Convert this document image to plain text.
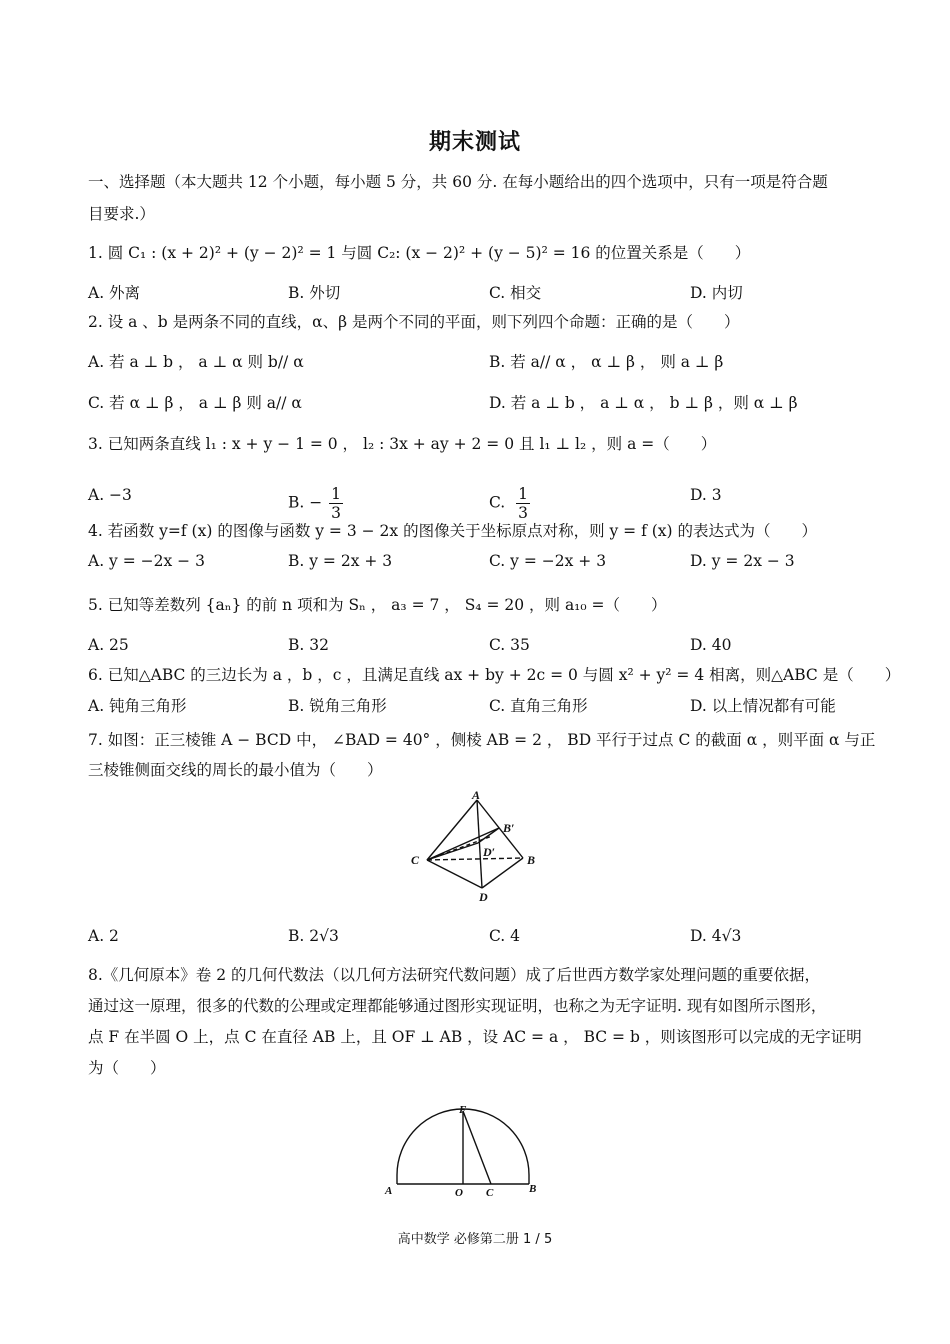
期末测试
一、选择题（本大题共 12 个小题，每小题 5 分，共 60 分. 在每小题给出的四个选项中，只有一项是符合题
目要求.）
1. 圆 C₁ : (x + 2)² + (y − 2)² = 1 与圆 C₂: (x − 2)² + (y − 5)² = 16 的位置关系是（　　）
A. 外离	B. 外切	C. 相交	D. 内切
2. 设 a 、b 是两条不同的直线，α、β 是两个不同的平面，则下列四个命题：正确的是（　　）
A. 若 a ⊥ b ， a ⊥ α 则 b// α	B. 若 a// α ， α ⊥ β ， 则 a ⊥ β
C. 若 α ⊥ β ， a ⊥ β 则 a// α	D. 若 a ⊥ b ， a ⊥ α ， b ⊥ β ，则 α ⊥ β
3. 已知两条直线 l₁ : x + y − 1 = 0 ， l₂ : 3x + ay + 2 = 0 且 l₁ ⊥ l₂ ，则 a =（　　）
A. −3	B. − $\frac{1}{3}$	C. $\frac{1}{3}$	D. 3
4. 若函数 y=f (x) 的图像与函数 y = 3 − 2x 的图像关于坐标原点对称，则 y = f (x) 的表达式为（　　）
A. y = −2x − 3	B. y = 2x + 3	C. y = −2x + 3	D. y = 2x − 3
5. 已知等差数列 {aₙ} 的前 n 项和为 Sₙ ， a₃ = 7 ， S₄ = 20 ，则 a₁₀ =（　　）
A. 25	B. 32	C. 35	D. 40
6. 已知△ABC 的三边长为 a ，b ，c ，且满足直线 ax + by + 2c = 0 与圆 x² + y² = 4 相离，则△ABC 是（　　）
A. 钝角三角形	B. 锐角三角形	C. 直角三角形	D. 以上情况都有可能
7. 如图：正三棱锥 A − BCD 中， ∠BAD = 40° ，侧棱 AB = 2 ， BD 平行于过点 C 的截面 α ，则平面 α 与正
三棱锥侧面交线的周长的最小值为（　　）
A
B′
D′
C	B
D
A. 2	B. 2√3	C. 4	D. 4√3
8.《几何原本》卷 2 的几何代数法（以几何方法研究代数问题）成了后世西方数学家处理问题的重要依据，
通过这一原理，很多的代数的公理或定理都能够通过图形实现证明，也称之为无字证明. 现有如图所示图形，
点 F 在半圆 O 上，点 C 在直径 AB 上，且 OF ⊥ AB ，设 AC = a ， BC = b ，则该图形可以完成的无字证明
为（　　）
F
A	O C	B
高中数学 必修第二册 1 / 5
